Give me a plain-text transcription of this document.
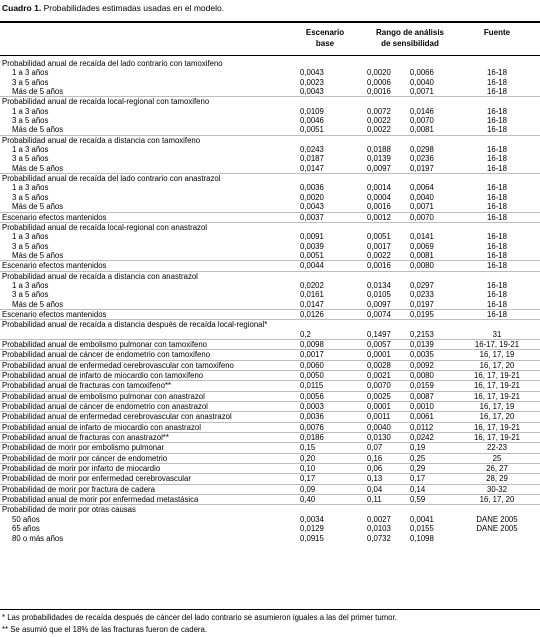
Cuadro 1. Probabilidades estimadas usadas en el modelo.
Escenario
base
Rango de análisis
de sensibilidad
Fuente
Probabilidad anual de recaída del lado contrario con tamoxifeno
1 a 3 años	0,0043	0,0020 0,0066	16-18
3 a 5 años	0,0023	0,0006 0,0040	16-18
Más de 5 años	0,0043	0,0016 0,0071	16-18
Probabilidad anual de recaída local-regional con tamoxifeno
1 a 3 años	0,0109	0,0072 0,0146	16-18
3 a 5 años	0,0046	0,0022 0,0070	16-18
Más de 5 años	0,0051	0,0022 0,0081	16-18
Probabilidad anual de recaída a distancia con tamoxifeno
1 a 3 años	0,0243	0,0188 0,0298	16-18
3 a 5 años	0,0187	0,0139 0,0236	16-18
Más de 5 años	0,0147	0,0097 0,0197	16-18
Probabilidad anual de recaída del lado contrario con anastrazol
1 a 3 años	0,0036	0,0014 0,0064	16-18
3 a 5 años	0,0020	0,0004 0,0040	16-18
Más de 5 años	0,0043	0,0016 0,0071	16-18
Escenario efectos mantenidos	0,0037	0,0012 0,0070	16-18
Probabilidad anual de recaída local-regional con anastrazol
1 a 3 años	0,0091	0,0051 0,0141	16-18
3 a 5 años	0,0039	0,0017 0,0069	16-18
Más de 5 años	0,0051	0,0022 0,0081	16-18
Escenario efectos mantenidos	0,0044	0,0016 0,0080	16-18
Probabilidad anual de recaída a distancia con anastrazol
1 a 3 años	0,0202	0,0134 0,0297	16-18
3 a 5 años	0,0161	0,0105 0,0233	16-18
Más de 5 años	0,0147	0,0097 0,0197	16-18
Escenario efectos mantenidos	0,0126	0,0074 0,0195	16-18
Probabilidad anual de recaída a distancia después de recaída local-regional*
0,2	0,1497 0,2153	31
Probabilidad anual de embolismo pulmonar con tamoxifeno	0,0098	0,0057 0,0139	16-17, 19-21
Probabilidad anual de cáncer de endometrio con tamoxifeno	0,0017	0,0001 0,0035	16, 17, 19
Probabilidad anual de enfermedad cerebrovascular con tamoxifeno	0,0060	0,0028 0,0092	16, 17, 20
Probabilidad anual de infarto de miocardio con tamoxifeno	0,0050	0,0021 0,0080	16, 17, 19-21
Probabilidad anual de fracturas con tamoxifeno**	0,0115	0,0070 0,0159	16, 17, 19-21
Probabilidad anual de embolismo pulmonar con anastrazol	0,0056	0,0025 0,0087	16, 17, 19-21
Probabilidad anual de cáncer de endometrio con anastrazol	0,0003	0,0001 0,0010	16, 17, 19
Probabilidad anual de enfermedad cerebrovascular con anastrazol	0,0036	0,0011	0,0061	16, 17, 20
Probabilidad anual de infarto de miocardio con anastrazol	0,0076	0,0040 0,0112	16, 17, 19-21
Probabilidad anual de fracturas con anastrazol**	0,0186	0,0130 0,0242	16, 17, 19-21
Probabilidad de morir por embolismo pulmonar	0,15	0,07	0,19	22-23
Probabilidad de morir por cáncer de endometrio	0,20	0,16	0,25	25
Probabilidad de morir por infarto de miocardio	0,10	0,06	0,29	26, 27
Probabilidad de morir por enfermedad cerebrovascular	0,17	0,13	0,17	28, 29
Probabilidad de morir por fractura de cadera	0,09	0,04	0,14	30-32
Probabilidad anual de morir por enfermedad metastásica	0,40	0,11	0,59	16, 17, 20
Probabilidad de morir por otras causas
50 años	0,0034	0,0027 0,0041	DANE 2005
65 años	0,0129	0,0103 0,0155	DANE 2005
80 o más años	0,0915	0,0732 0,1098
* Las probabilidades de recaída después de cáncer del lado contrario se asumieron iguales a las del primer tumor.
** Se asumió que el 18% de las fracturas fueron de cadera.
